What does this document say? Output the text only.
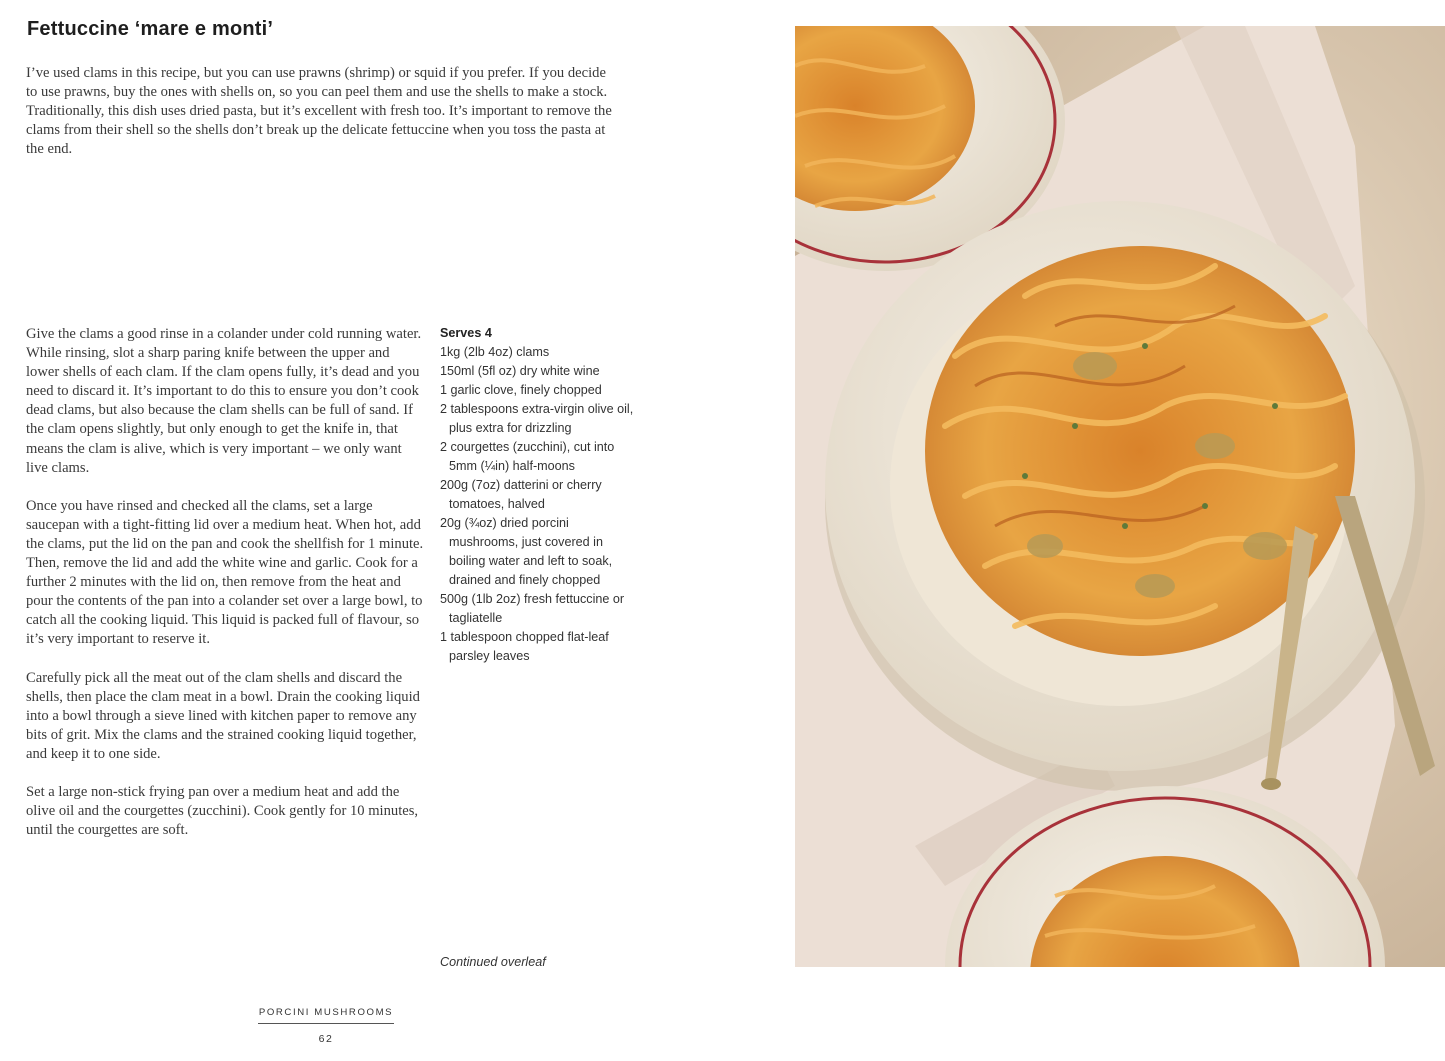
Fettuccine ‘mare e monti’

I’ve used clams in this recipe, but you can use prawns (shrimp) or squid if you prefer. If you decide to use prawns, buy the ones with shells on, so you can peel them and use the shells to make a stock. Traditionally, this dish uses dried pasta, but it’s excellent with fresh too. It’s important to remove the clams from their shell so the shells don’t break up the delicate fettuccine when you toss the pasta at the end.

Give the clams a good rinse in a colander under cold running water. While rinsing, slot a sharp paring knife between the upper and lower shells of each clam. If the clam opens fully, it’s dead and you need to discard it. It’s important to do this to ensure you don’t cook dead clams, but also because the clam shells can be full of sand. If the clam opens slightly, but only enough to get the knife in, that means the clam is alive, which is very important – we only want live clams.

Once you have rinsed and checked all the clams, set a large saucepan with a tight-fitting lid over a medium heat. When hot, add the clams, put the lid on the pan and cook the shellfish for 1 minute. Then, remove the lid and add the white wine and garlic. Cook for a further 2 minutes with the lid on, then remove from the heat and pour the contents of the pan into a colander set over a large bowl, to catch all the cooking liquid. This liquid is packed full of flavour, so it’s very important to reserve it.

Carefully pick all the meat out of the clam shells and discard the shells, then place the clam meat in a bowl. Drain the cooking liquid into a bowl through a sieve lined with kitchen paper to remove any bits of grit. Mix the clams and the strained cooking liquid together, and keep it to one side.

Set a large non-stick frying pan over a medium heat and add the olive oil and the courgettes (zucchini). Cook gently for 10 minutes, until the courgettes are soft.

Serves 4
1kg (2lb 4oz) clams
150ml (5fl oz) dry white wine
1 garlic clove, finely chopped
2 tablespoons extra-virgin olive oil, plus extra for drizzling
2 courgettes (zucchini), cut into 5mm (¼in) half-moons
200g (7oz) datterini or cherry tomatoes, halved
20g (¾oz) dried porcini mushrooms, just covered in boiling water and left to soak, drained and finely chopped
500g (1lb 2oz) fresh fettuccine or tagliatelle
1 tablespoon chopped flat-leaf parsley leaves
Continued overleaf
PORCINI MUSHROOMS
62
